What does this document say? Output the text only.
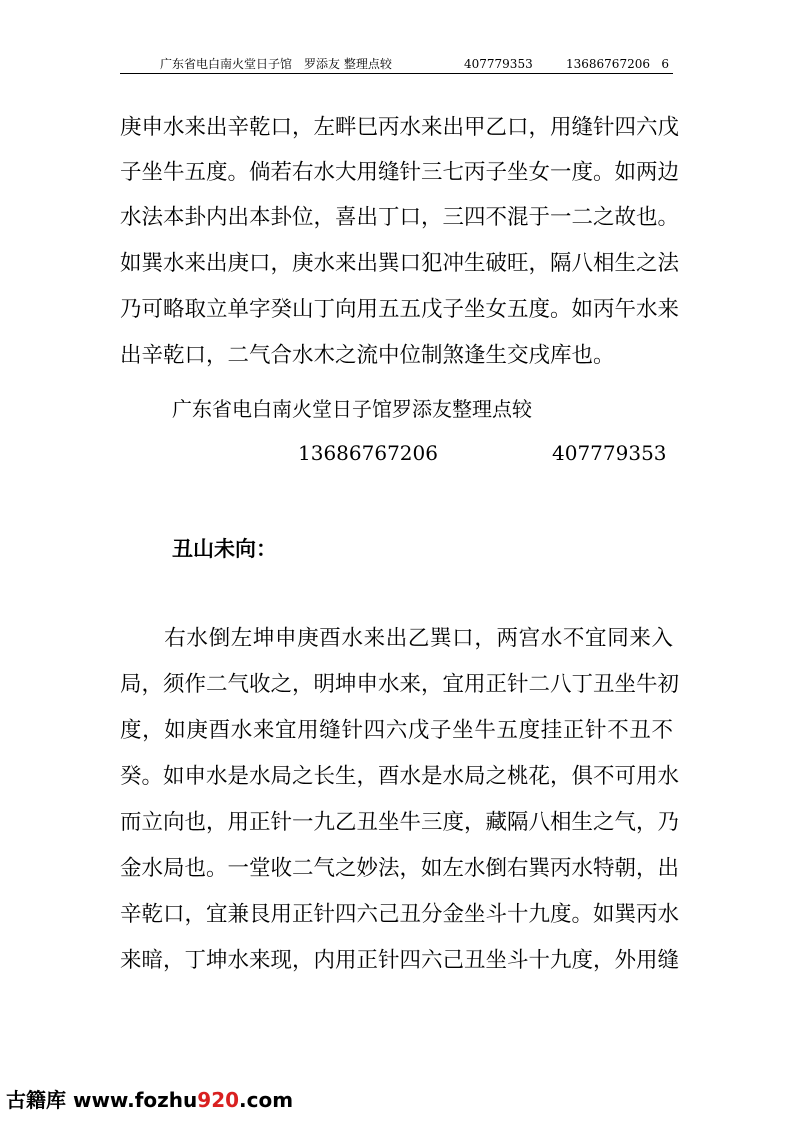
广东省电白南火堂日子馆　罗添友 整理点较	407779353	13686767206 6
庚申水来出辛乾口，左畔巳丙水来出甲乙口，用缝针四六戊
子坐牛五度。倘若右水大用缝针三七丙子坐女一度。如两边
水法本卦内出本卦位，喜出丁口，三四不混于一二之故也。
如巽水来出庚口，庚水来出巽口犯冲生破旺，隔八相生之法
乃可略取立单字癸山丁向用五五戊子坐女五度。如丙午水来
出辛乾口，二气合水木之流中位制煞逢生交戌库也。
广东省电白南火堂日子馆罗添友整理点较
13686767206	407779353
丑山未向：
　　右水倒左坤申庚酉水来出乙巽口，两宫水不宜同来入
局，须作二气收之，明坤申水来，宜用正针二八丁丑坐牛初
度，如庚酉水来宜用缝针四六戊子坐牛五度挂正针不丑不
癸。如申水是水局之长生，酉水是水局之桃花，俱不可用水
而立向也，用正针一九乙丑坐牛三度，藏隔八相生之气，乃
金水局也。一堂收二气之妙法，如左水倒右巽丙水特朝，出
辛乾口，宜兼艮用正针四六己丑分金坐斗十九度。如巽丙水
来暗，丁坤水来现，内用正针四六己丑坐斗十九度，外用缝
古籍库 www.fozhu920.com
